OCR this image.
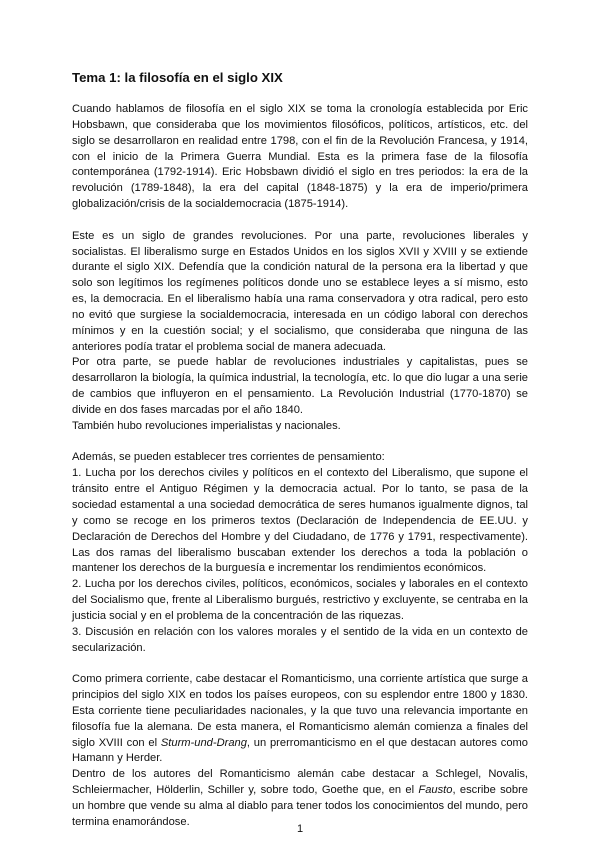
Tema 1: la filosofía en el siglo XIX

Cuando hablamos de filosofía en el siglo XIX se toma la cronología establecida por Eric Hobsbawn, que consideraba que los movimientos filosóficos, políticos, artísticos, etc. del siglo se desarrollaron en realidad entre 1798, con el fin de la Revolución Francesa, y 1914, con el inicio de la Primera Guerra Mundial. Esta es la primera fase de la filosofía contemporánea (1792-1914). Eric Hobsbawn dividió el siglo en tres periodos: la era de la revolución (1789-1848), la era del capital (1848-1875) y la era de imperio/primera globalización/crisis de la socialdemocracia (1875-1914).

Este es un siglo de grandes revoluciones. Por una parte, revoluciones liberales y socialistas. El liberalismo surge en Estados Unidos en los siglos XVII y XVIII y se extiende durante el siglo XIX. Defendía que la condición natural de la persona era la libertad y que solo son legítimos los regímenes políticos donde uno se establece leyes a sí mismo, esto es, la democracia. En el liberalismo había una rama conservadora y otra radical, pero esto no evitó que surgiese la socialdemocracia, interesada en un código laboral con derechos mínimos y en la cuestión social; y el socialismo, que consideraba que ninguna de las anteriores podía tratar el problema social de manera adecuada.

Por otra parte, se puede hablar de revoluciones industriales y capitalistas, pues se desarrollaron la biología, la química industrial, la tecnología, etc. lo que dio lugar a una serie de cambios que influyeron en el pensamiento. La Revolución Industrial (1770-1870) se divide en dos fases marcadas por el año 1840.

También hubo revoluciones imperialistas y nacionales.

Además, se pueden establecer tres corrientes de pensamiento:

1. Lucha por los derechos civiles y políticos en el contexto del Liberalismo, que supone el tránsito entre el Antiguo Régimen y la democracia actual. Por lo tanto, se pasa de la sociedad estamental a una sociedad democrática de seres humanos igualmente dignos, tal y como se recoge en los primeros textos (Declaración de Independencia de EE.UU. y Declaración de Derechos del Hombre y del Ciudadano, de 1776 y 1791, respectivamente). Las dos ramas del liberalismo buscaban extender los derechos a toda la población o mantener los derechos de la burguesía e incrementar los rendimientos económicos.

2. Lucha por los derechos civiles, políticos, económicos, sociales y laborales en el contexto del Socialismo que, frente al Liberalismo burgués, restrictivo y excluyente, se centraba en la justicia social y en el problema de la concentración de las riquezas.

3. Discusión en relación con los valores morales y el sentido de la vida en un contexto de secularización.

Como primera corriente, cabe destacar el Romanticismo, una corriente artística que surge a principios del siglo XIX en todos los países europeos, con su esplendor entre 1800 y 1830. Esta corriente tiene peculiaridades nacionales, y la que tuvo una relevancia importante en filosofía fue la alemana. De esta manera, el Romanticismo alemán comienza a finales del siglo XVIII con el Sturm-und-Drang, un prerromanticismo en el que destacan autores como Hamann y Herder.

Dentro de los autores del Romanticismo alemán cabe destacar a Schlegel, Novalis, Schleiermacher, Hölderlin, Schiller y, sobre todo, Goethe que, en el Fausto, escribe sobre un hombre que vende su alma al diablo para tener todos los conocimientos del mundo, pero termina enamorándose.

1
